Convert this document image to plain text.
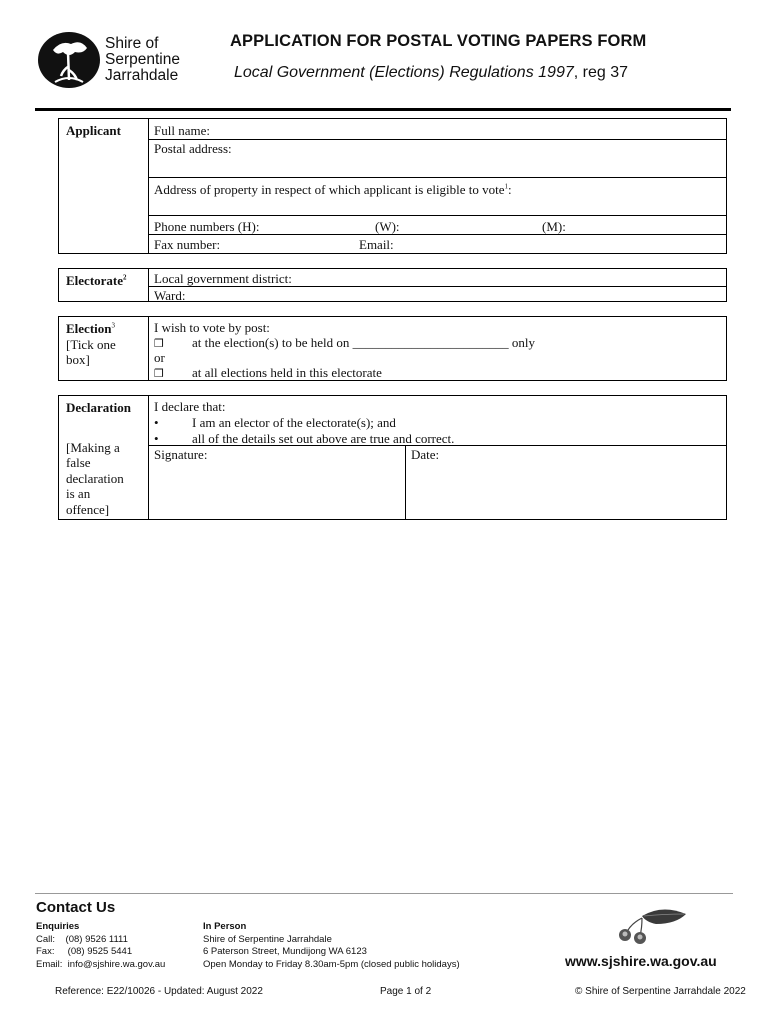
Shire of
Serpentine
Jarrahdale
APPLICATION FOR POSTAL VOTING PAPERS FORM
Local Government (Elections) Regulations 1997, reg 37
Applicant	Full name:
Postal address:
Address of property in respect of which applicant is eligible to vote$^1$:
Phone numbers (H):	(W):	(M):
Fax number:	Email:
Electorate$^2$	Local government district:
Ward:
Election$^3$
[Tick one
box]
I wish to vote by post:
❒ at the election(s) to be held on ________________________ only
or
❒ at all elections held in this electorate
Declaration
[Making a
false
declaration
is an
offence]
I declare that:
•	I am an elector of the electorate(s); and
•	all of the details set out above are true and correct.
Signature:	Date:
Contact Us
Enquiries
Call:    (08) 9526 1111
Fax:     (08) 9525 5441
Email:  info@sjshire.wa.gov.au
In Person
Shire of Serpentine Jarrahdale
6 Paterson Street, Mundijong WA 6123
Open Monday to Friday 8.30am-5pm (closed public holidays)	www.sjshire.wa.gov.au
Reference: E22/10026 - Updated: August 2022	Page 1 of 2	© Shire of Serpentine Jarrahdale 2022
